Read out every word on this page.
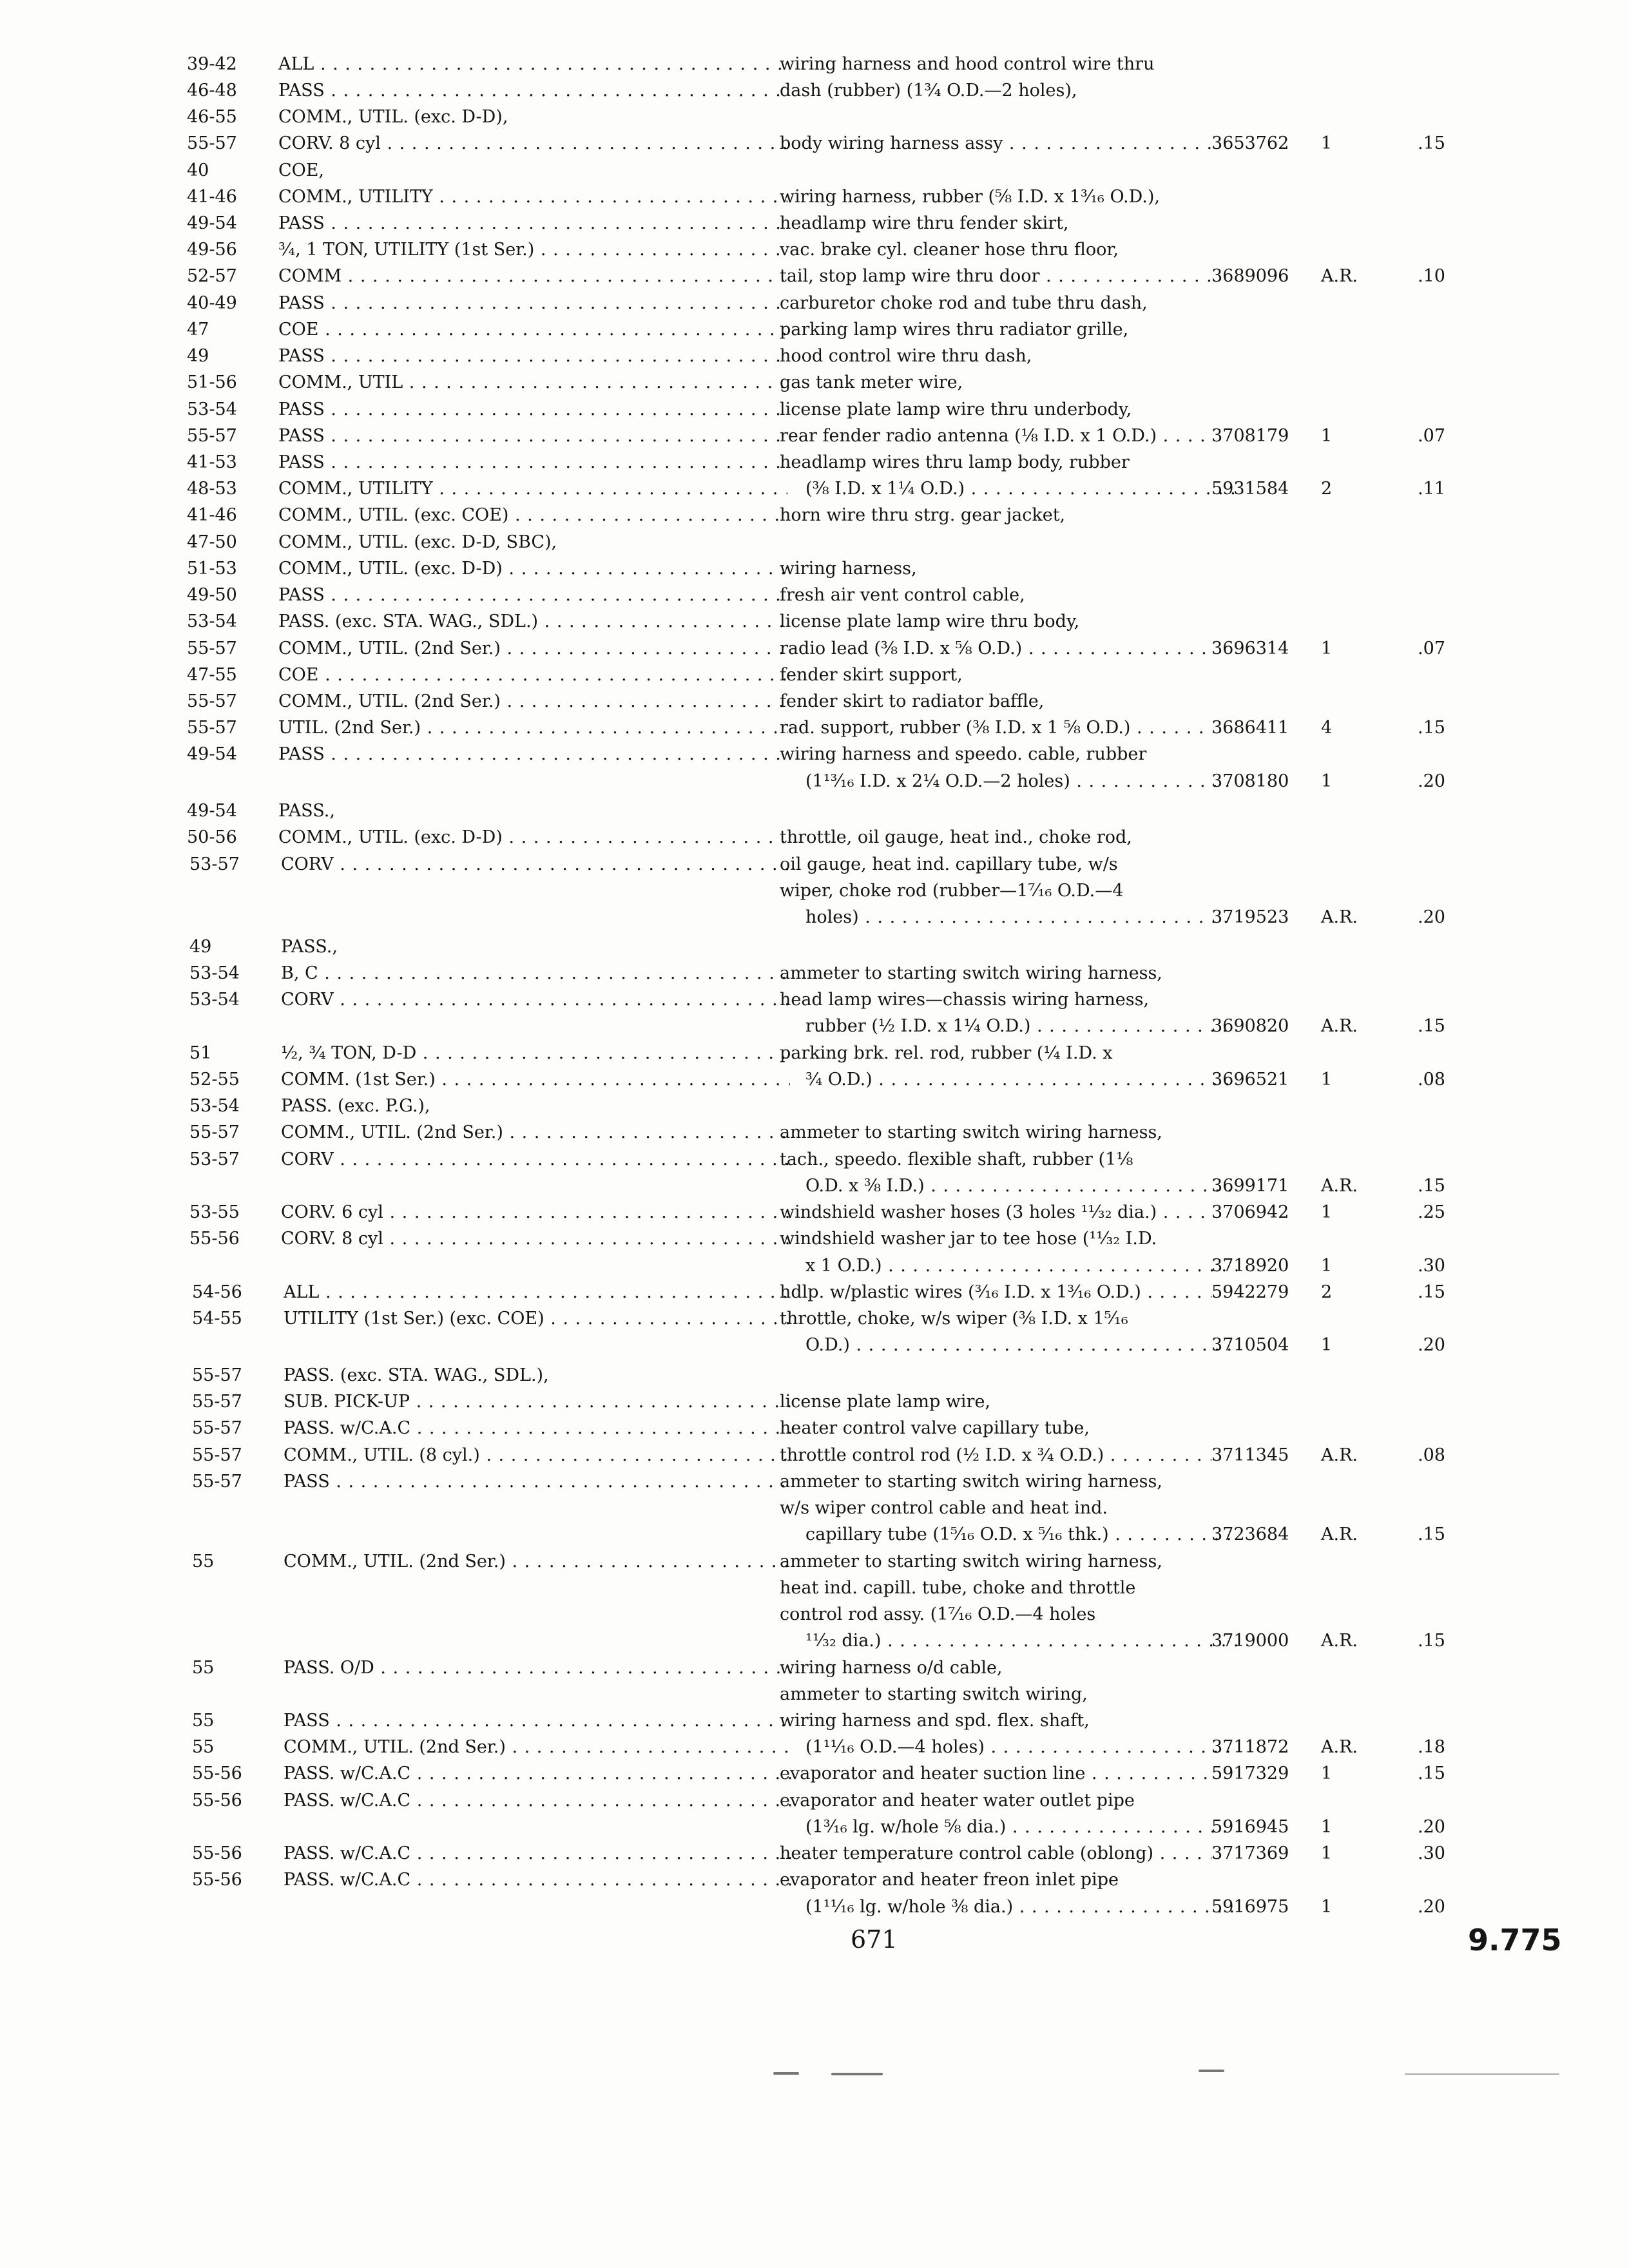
39-42	ALL . . .	wiring harness and hood control wire thru
46-48	PASS . . .	dash (rubber) (1¾ O.D.—2 holes),
46-55	COMM., UTIL. (exc. D-D),
55-57	CORV. 8 cyl . . .	body wiring harness assy . . .	3653762	1	.15
40	COE,
41-46	COMM., UTILITY . . .	wiring harness, rubber (⅝ I.D. x 1³⁄₁₆ O.D.),
49-54	PASS . . .	headlamp wire thru fender skirt,
49-56	¾, 1 TON, UTILITY (1st Ser.) . . .	vac. brake cyl. cleaner hose thru floor,
52-57	COMM . . .	tail, stop lamp wire thru door . . .	3689096	A.R.	.10
40-49	PASS . . .	carburetor choke rod and tube thru dash,
47	COE . . .	parking lamp wires thru radiator grille,
49	PASS . . .	hood control wire thru dash,
51-56	COMM., UTIL . . .	gas tank meter wire,
53-54	PASS . . .	license plate lamp wire thru underbody,
55-57	PASS . . .	rear fender radio antenna (⅛ I.D. x 1 O.D.) . . .	3708179	1	.07
41-53	PASS . . .	headlamp wires thru lamp body, rubber
48-53	COMM., UTILITY . . .	(⅜ I.D. x 1¼ O.D.) . . .	5931584	2	.11
41-46	COMM., UTIL. (exc. COE) . . .	horn wire thru strg. gear jacket,
47-50	COMM., UTIL. (exc. D-D, SBC),
51-53	COMM., UTIL. (exc. D-D) . . .	wiring harness,
49-50	PASS . . .	fresh air vent control cable,
53-54	PASS. (exc. STA. WAG., SDL.) . . .	license plate lamp wire thru body,
55-57	COMM., UTIL. (2nd Ser.) . . .	radio lead (⅜ I.D. x ⅝ O.D.) . . .	3696314	1	.07
47-55	COE . . .	fender skirt support,
55-57	COMM., UTIL. (2nd Ser.) . . .	fender skirt to radiator baffle,
55-57	UTIL. (2nd Ser.) . . .	rad. support, rubber (⅜ I.D. x 1 ⅝ O.D.) . . .	3686411	4	.15
49-54	PASS . . .	wiring harness and speedo. cable, rubber
(1¹³⁄₁₆ I.D. x 2¼ O.D.—2 holes) . . .	3708180	1	.20
49-54	PASS.,
50-56	COMM., UTIL. (exc. D-D) . . .	throttle, oil gauge, heat ind., choke rod,
53-57	CORV . . .	oil gauge, heat ind. capillary tube, w/s
wiper, choke rod (rubber—1⁷⁄₁₆ O.D.—4
holes) . . .	3719523	A.R.	.20
49	PASS.,
53-54	B, C . . .	ammeter to starting switch wiring harness,
53-54	CORV . . .	head lamp wires—chassis wiring harness,
rubber (½ I.D. x 1¼ O.D.) . . .	3690820	A.R.	.15
51	½, ¾ TON, D-D . . .	parking brk. rel. rod, rubber (¼ I.D. x
52-55	COMM. (1st Ser.) . . .	¾ O.D.) . . .	3696521	1	.08
53-54	PASS. (exc. P.G.),
55-57	COMM., UTIL. (2nd Ser.) . . .	ammeter to starting switch wiring harness,
53-57	CORV . . .	tach., speedo. flexible shaft, rubber (1⅛
O.D. x ⅜ I.D.) . . .	3699171	A.R.	.15
53-55	CORV. 6 cyl . . .	windshield washer hoses (3 holes ¹¹⁄₃₂ dia.) . . .	3706942	1	.25
55-56	CORV. 8 cyl . . .	windshield washer jar to tee hose (¹¹⁄₃₂ I.D.
x 1 O.D.) . . .	3718920	1	.30
54-56	ALL . . .	hdlp. w/plastic wires (³⁄₁₆ I.D. x 1³⁄₁₆ O.D.) . . .	5942279	2	.15
54-55	UTILITY (1st Ser.) (exc. COE) . . .	throttle, choke, w/s wiper (⅜ I.D. x 1⁵⁄₁₆
O.D.) . . .	3710504	1	.20
55-57	PASS. (exc. STA. WAG., SDL.),
55-57	SUB. PICK-UP . . .	license plate lamp wire,
55-57	PASS. w/C.A.C . . .	heater control valve capillary tube,
55-57	COMM., UTIL. (8 cyl.) . . .	throttle control rod (½ I.D. x ¾ O.D.) . . .	3711345	A.R.	.08
55-57	PASS . . .	ammeter to starting switch wiring harness,
w/s wiper control cable and heat ind.
capillary tube (1⁵⁄₁₆ O.D. x ⁵⁄₁₆ thk.) . . .	3723684	A.R.	.15
55	COMM., UTIL. (2nd Ser.) . . .	ammeter to starting switch wiring harness,
heat ind. capill. tube, choke and throttle
control rod assy. (1⁷⁄₁₆ O.D.—4 holes
¹¹⁄₃₂ dia.) . . .	3719000	A.R.	.15
55	PASS. O/D . . .	wiring harness o/d cable,
ammeter to starting switch wiring,
55	PASS . . .	wiring harness and spd. flex. shaft,
55	COMM., UTIL. (2nd Ser.) . . .	(1¹¹⁄₁₆ O.D.—4 holes) . . .	3711872	A.R.	.18
55-56	PASS. w/C.A.C . . .	evaporator and heater suction line . . .	5917329	1	.15
55-56	PASS. w/C.A.C . . .	evaporator and heater water outlet pipe
(1³⁄₁₆ lg. w/hole ⅝ dia.) . . .	5916945	1	.20
55-56	PASS. w/C.A.C . . .	heater temperature control cable (oblong) . . .	3717369	1	.30
55-56	PASS. w/C.A.C . . .	evaporator and heater freon inlet pipe
(1¹¹⁄₁₆ lg. w/hole ⅜ dia.) . . .	5916975	1	.20
671	9.775
